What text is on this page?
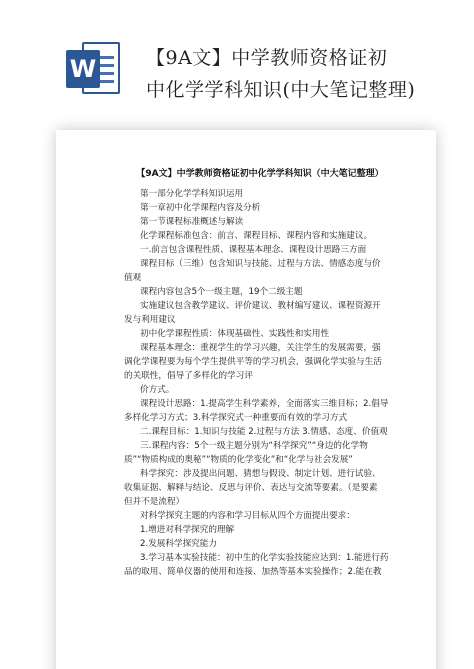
W	【9A文】中学教师资格证初
中化学学科知识(中大笔记整理)
【9A文】中学教师资格证初中化学学科知识（中大笔记整理）
第一部分化学学科知识运用
第一章初中化学课程内容及分析
第一节课程标准概述与解读
化学课程标准包含：前言、课程目标、课程内容和实施建议。
一.前言包含课程性质、课程基本理念、课程设计思路三方面
课程目标（三维）包含知识与技能、过程与方法、情感态度与价
值观
课程内容包含5个一级主题，19个二级主题
实施建议包含教学建议、评价建议、教材编写建议、课程资源开
发与利用建议
初中化学课程性质：体现基础性、实践性和实用性
课程基本理念：重视学生的学习兴趣，关注学生的发展需要，强
调化学课程要为每个学生提供平等的学习机会，强调化学实验与生活
的关联性，倡导了多样化的学习评
价方式。
课程设计思路：1.提高学生科学素养，全面落实三维目标；2.倡导
多样化学习方式；3.科学探究式一种重要而有效的学习方式
二.课程目标：1.知识与技能 2.过程与方法 3.情感、态度、价值观
三.课程内容：5个一级主题分别为“科学探究”“身边的化学物
质”“物质构成的奥秘”“物质的化学变化”和“化学与社会发展”
科学探究：涉及提出问题、猜想与假设、制定计划、进行试验、
收集证据、解释与结论、反思与评价、表达与交流等要素。（是要素
但并不是流程）
对科学探究主题的内容和学习目标从四个方面提出要求：
1.增进对科学探究的理解
2.发展科学探究能力
3.学习基本实验技能：初中生的化学实验技能应达到：1.能进行药
品的取用、简单仪器的使用和连接、加热等基本实验操作；2.能在教
